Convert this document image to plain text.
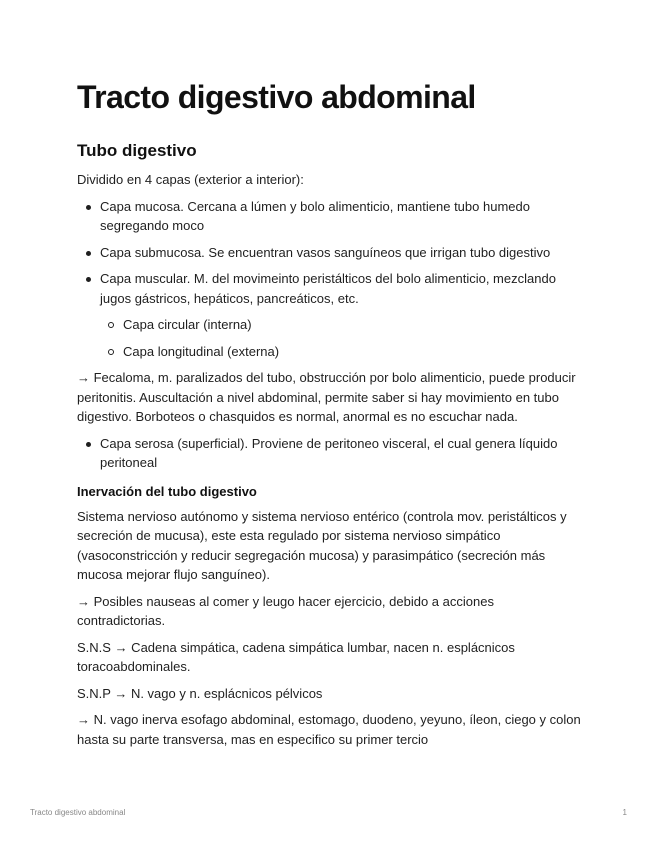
Tracto digestivo abdominal
Tubo digestivo

Dividido en 4 capas (exterior a interior):

Capa mucosa. Cercana a lúmen y bolo alimenticio, mantiene tubo humedo segregando moco
Capa submucosa. Se encuentran vasos sanguíneos que irrigan tubo digestivo
Capa muscular. M. del movimeinto peristálticos del bolo alimenticio, mezclando jugos gástricos, hepáticos, pancreáticos, etc.
Capa circular (interna)
Capa longitudinal (externa)

→ Fecaloma, m. paralizados del tubo, obstrucción por bolo alimenticio, puede producir peritonitis. Auscultación a nivel abdominal, permite saber si hay movimiento en tubo digestivo. Borboteos o chasquidos es normal, anormal es no escuchar nada.

Capa serosa (superficial). Proviene de peritoneo visceral, el cual genera líquido peritoneal
Inervación del tubo digestivo

Sistema nervioso autónomo y sistema nervioso entérico (controla mov. peristálticos y secreción de mucusa), este esta regulado por sistema nervioso simpático (vasoconstricción y reducir segregación mucosa) y parasimpático (secreción más mucosa mejorar flujo sanguíneo).

→ Posibles nauseas al comer y leugo hacer ejercicio, debido a acciones contradictorias.

S.N.S → Cadena simpática, cadena simpática lumbar, nacen n. esplácnicos toracoabdominales.

S.N.P → N. vago y n. esplácnicos pélvicos

→ N. vago inerva esofago abdominal, estomago, duodeno, yeyuno, íleon, ciego y colon hasta su parte transversa, mas en especifico su primer tercio

Tracto digestivo abdominal	1
